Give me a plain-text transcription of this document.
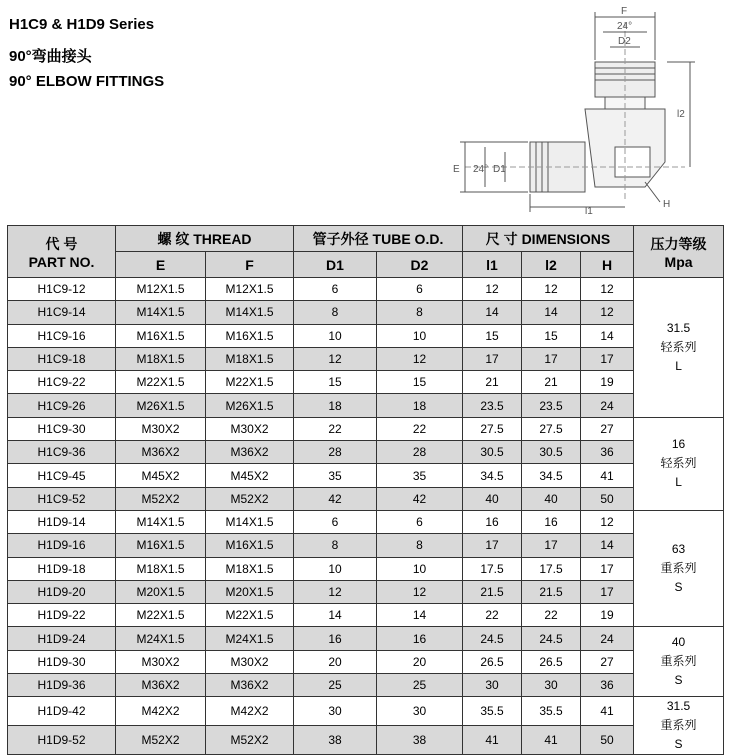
H1C9 & H1D9 Series
90°弯曲接头
90° ELBOW FITTINGS
F
24°
D2
l2
E 24° D1
l1
H
代 号
PART NO.	螺 纹 THREAD		管子外径 TUBE O.D.		尺 寸 DIMENSIONS			压力等级
Mpa

	E	F	D1	D2	l1	l2	H	
H1C9-12	M12X1.5	M12X1.5	6	6	12	12	12	31.5
轻系列
L

H1C9-14	M14X1.5	M14X1.5	8	8	14	14	12	
H1C9-16	M16X1.5	M16X1.5	10	10	15	15	14	
H1C9-18	M18X1.5	M18X1.5	12	12	17	17	17	
H1C9-22	M22X1.5	M22X1.5	15	15	21	21	19	
H1C9-26	M26X1.5	M26X1.5	18	18	23.5	23.5	24	
H1C9-30	M30X2	M30X2	22	22	27.5	27.5	27	16
轻系列
L

H1C9-36	M36X2	M36X2	28	28	30.5	30.5	36	
H1C9-45	M45X2	M45X2	35	35	34.5	34.5	41	
H1C9-52	M52X2	M52X2	42	42	40	40	50	
H1D9-14	M14X1.5	M14X1.5	6	6	16	16	12	63
重系列
S

H1D9-16	M16X1.5	M16X1.5	8	8	17	17	14	
H1D9-18	M18X1.5	M18X1.5	10	10	17.5	17.5	17	
H1D9-20	M20X1.5	M20X1.5	12	12	21.5	21.5	17	
H1D9-22	M22X1.5	M22X1.5	14	14	22	22	19	
H1D9-24	M24X1.5	M24X1.5	16	16	24.5	24.5	24	40
重系列
S

H1D9-30	M30X2	M30X2	20	20	26.5	26.5	27	
H1D9-36	M36X2	M36X2	25	25	30	30	36	
H1D9-42	M42X2	M42X2	30	30	35.5	35.5	41	31.5
重系列
S

H1D9-52	M52X2	M52X2	38	38	41	41	50	
